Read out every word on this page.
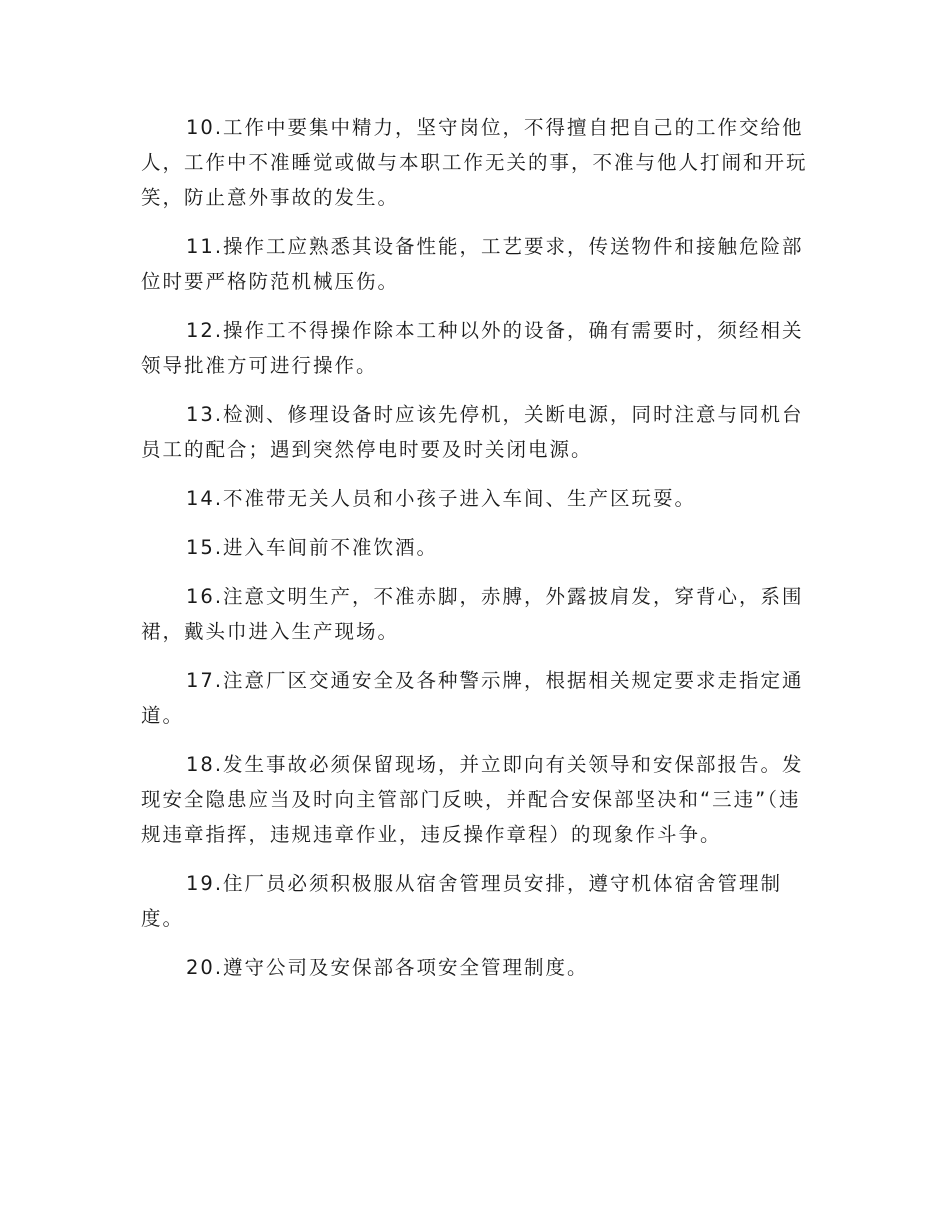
10.工作中要集中精力，坚守岗位，不得擅自把自己的工作交给他人，工作中不准睡觉或做与本职工作无关的事，不准与他人打闹和开玩笑，防止意外事故的发生。

11.操作工应熟悉其设备性能，工艺要求，传送物件和接触危险部位时要严格防范机械压伤。

12.操作工不得操作除本工种以外的设备，确有需要时，须经相关领导批准方可进行操作。

13.检测、修理设备时应该先停机，关断电源，同时注意与同机台员工的配合；遇到突然停电时要及时关闭电源。

14.不准带无关人员和小孩子进入车间、生产区玩耍。

15.进入车间前不准饮酒。

16.注意文明生产，不准赤脚，赤膊，外露披肩发，穿背心，系围裙，戴头巾进入生产现场。

17.注意厂区交通安全及各种警示牌，根据相关规定要求走指定通道。

18.发生事故必须保留现场，并立即向有关领导和安保部报告。发现安全隐患应当及时向主管部门反映，并配合安保部坚决和“三违”（违规违章指挥，违规违章作业，违反操作章程）的现象作斗争。

19.住厂员必须积极服从宿舍管理员安排，遵守机体宿舍管理制度。

20.遵守公司及安保部各项安全管理制度。
